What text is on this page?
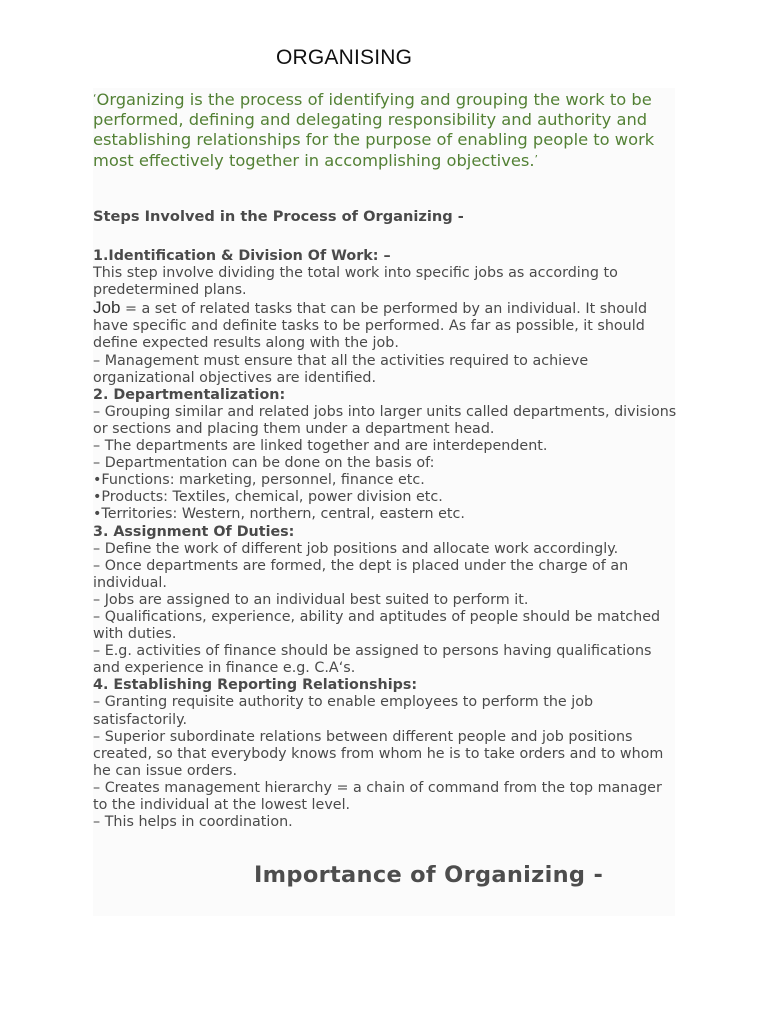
ORGANISING

‘Organizing is the process of identifying and grouping the work to be performed, defining and delegating responsibility and authority and establishing relationships for the purpose of enabling people to work most effectively together in accomplishing objectives.’

Steps Involved in the Process of Organizing -

1.Identification & Division Of Work: –

This step involve dividing the total work into specific jobs as according to predetermined plans.

Job = a set of related tasks that can be performed by an individual. It should have specific and definite tasks to be performed. As far as possible, it should define expected results along with the job.

– Management must ensure that all the activities required to achieve organizational objectives are identified.

2. Departmentalization:

– Grouping similar and related jobs into larger units called departments, divisions or sections and placing them under a department head.

– The departments are linked together and are interdependent.

– Departmentation can be done on the basis of:

•Functions: marketing, personnel, finance etc.

•Products: Textiles, chemical, power division etc.

•Territories: Western, northern, central, eastern etc.

3. Assignment Of Duties:

– Define the work of different job positions and allocate work accordingly.

– Once departments are formed, the dept is placed under the charge of an individual.

– Jobs are assigned to an individual best suited to perform it.

– Qualifications, experience, ability and aptitudes of people should be matched with duties.

– E.g. activities of finance should be assigned to persons having qualifications and experience in finance e.g. C.A‘s.

4. Establishing Reporting Relationships:

– Granting requisite authority to enable employees to perform the job satisfactorily.

– Superior subordinate relations between different people and job positions created, so that everybody knows from whom he is to take orders and to whom he can issue orders.

– Creates management hierarchy = a chain of command from the top manager to the individual at the lowest level.

– This helps in coordination.

Importance of Organizing -
